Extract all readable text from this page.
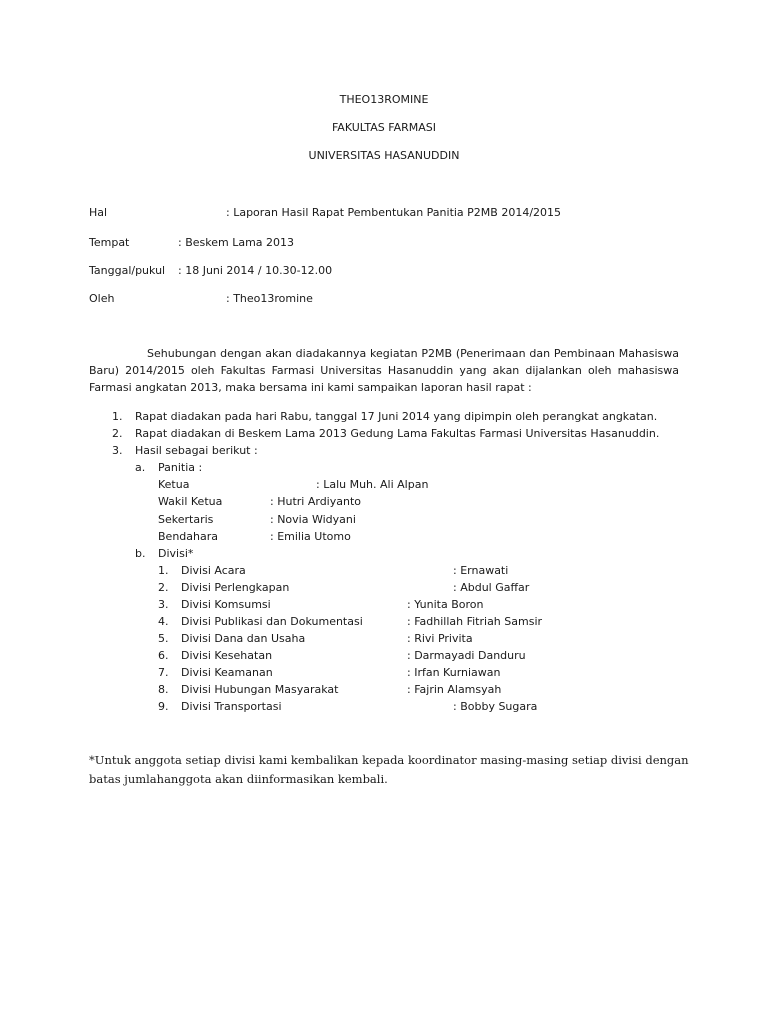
THEO13ROMINE
FAKULTAS FARMASI
UNIVERSITAS HASANUDDIN
Hal	: Laporan Hasil Rapat Pembentukan Panitia P2MB 2014/2015
Tempat	: Beskem Lama 2013
Tanggal/pukul : 18 Juni 2014 / 10.30-12.00
Oleh	: Theo13romine
Sehubungan dengan akan diadakannya kegiatan P2MB (Penerimaan dan Pembinaan Mahasiswa Baru) 2014/2015 oleh Fakultas Farmasi Universitas Hasanuddin yang akan dijalankan oleh mahasiswa Farmasi angkatan 2013, maka bersama ini kami sampaikan laporan hasil rapat :
1. Rapat diadakan pada hari Rabu, tanggal 17 Juni 2014 yang dipimpin oleh perangkat angkatan.
2. Rapat diadakan di Beskem Lama 2013 Gedung Lama Fakultas Farmasi Universitas Hasanuddin.
3. Hasil sebagai berikut :
a. Panitia :
Ketua	: Lalu Muh. Ali Alpan
Wakil Ketua	: Hutri Ardiyanto
Sekertaris	: Novia Widyani
Bendahara	: Emilia Utomo
b. Divisi*
1. Divisi Acara	: Ernawati
2. Divisi Perlengkapan	: Abdul Gaffar
3. Divisi Komsumsi	: Yunita Boron
4. Divisi Publikasi dan Dokumentasi	: Fadhillah Fitriah Samsir
5. Divisi Dana dan Usaha	: Rivi Privita
6. Divisi Kesehatan	: Darmayadi Danduru
7. Divisi Keamanan	: Irfan Kurniawan
8. Divisi Hubungan Masyarakat	: Fajrin Alamsyah
9. Divisi Transportasi	: Bobby Sugara
*Untuk anggota setiap divisi kami kembalikan kepada koordinator masing-masing setiap divisi dengan batas jumlahanggota akan diinformasikan kembali.
